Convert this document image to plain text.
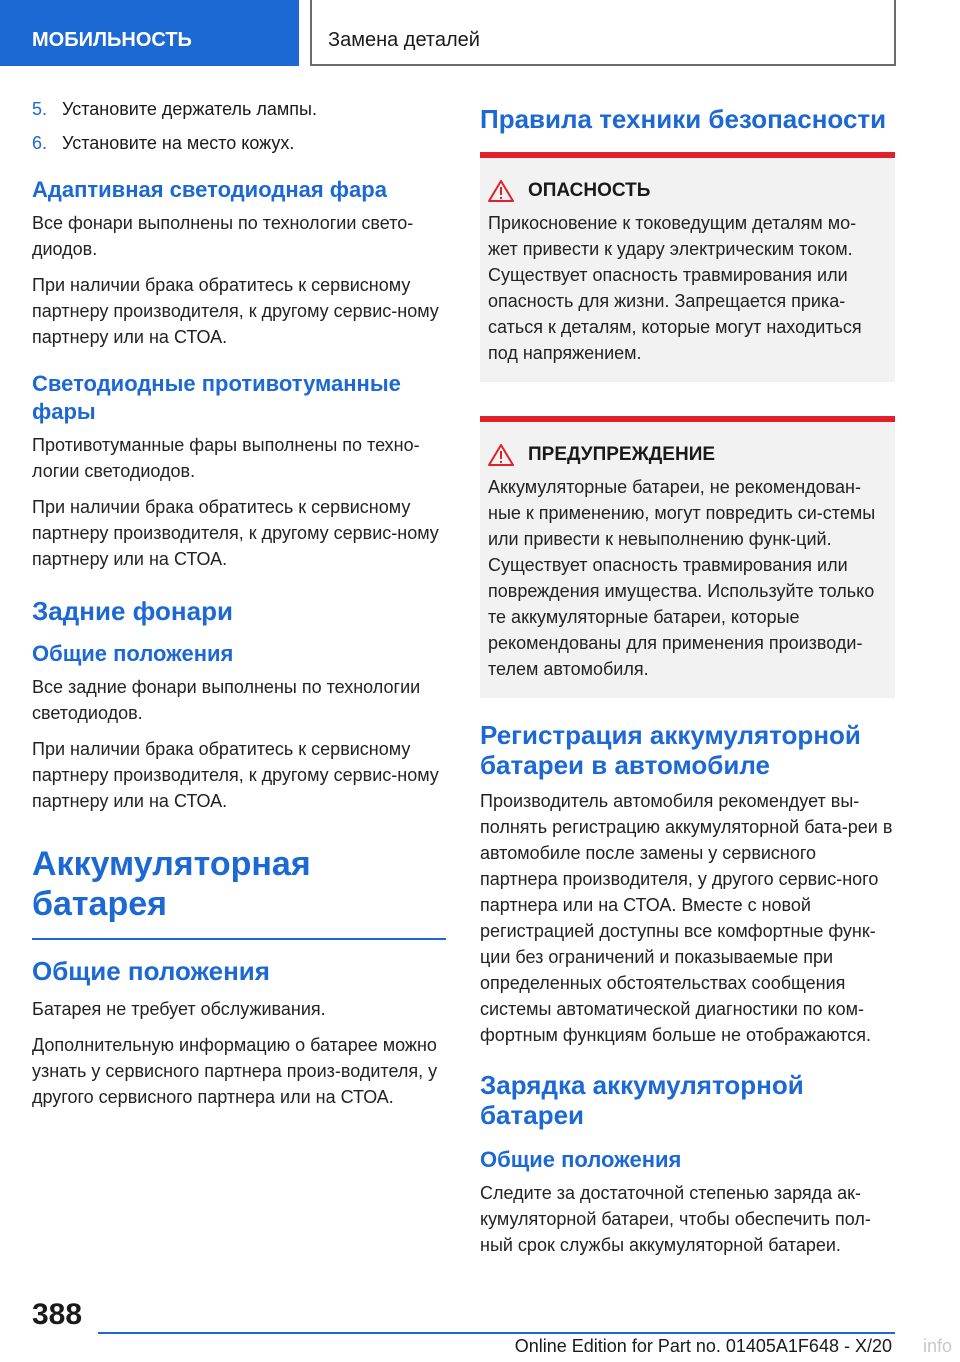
МОБИЛЬНОСТЬ	Замена деталей
5. Установите держатель лампы.
6. Установите на место кожух.
Адаптивная светодиодная фара

Все фонари выполнены по технологии свето-диодов.

При наличии брака обратитесь к сервисному партнеру производителя, к другому сервис-ному партнеру или на СТОА.

Светодиодные противотуманные фары

Противотуманные фары выполнены по техно-логии светодиодов.

При наличии брака обратитесь к сервисному партнеру производителя, к другому сервис-ному партнеру или на СТОА.

Задние фонари
Общие положения

Все задние фонари выполнены по технологии светодиодов.

При наличии брака обратитесь к сервисному партнеру производителя, к другому сервис-ному партнеру или на СТОА.

Аккумуляторная батарея
Общие положения

Батарея не требует обслуживания.

Дополнительную информацию о батарее можно узнать у сервисного партнера произ-водителя, у другого сервисного партнера или на СТОА.

Правила техники безопасности
ОПАСНОСТЬ

Прикосновение к токоведущим деталям мо-жет привести к удару электрическим током. Существует опасность травмирования или опасность для жизни. Запрещается прика-саться к деталям, которые могут находиться под напряжением.

ПРЕДУПРЕЖДЕНИЕ

Аккумуляторные батареи, не рекомендован-ные к применению, могут повредить си-стемы или привести к невыполнению функ-ций. Существует опасность травмирования или повреждения имущества. Используйте только те аккумуляторные батареи, которые рекомендованы для применения производи-телем автомобиля.

Регистрация аккумуляторной батареи в автомобиле

Производитель автомобиля рекомендует вы-полнять регистрацию аккумуляторной бата-реи в автомобиле после замены у сервисного партнера производителя, у другого сервис-ного партнера или на СТОА. Вместе с новой регистрацией доступны все комфортные функ-ции без ограничений и показываемые при определенных обстоятельствах сообщения системы автоматической диагностики по ком-фортным функциям больше не отображаются.

Зарядка аккумуляторной батареи
Общие положения

Следите за достаточной степенью заряда ак-кумуляторной батареи, чтобы обеспечить пол-ный срок службы аккумуляторной батареи.

388
Online Edition for Part no. 01405A1F648 - X/20 info
